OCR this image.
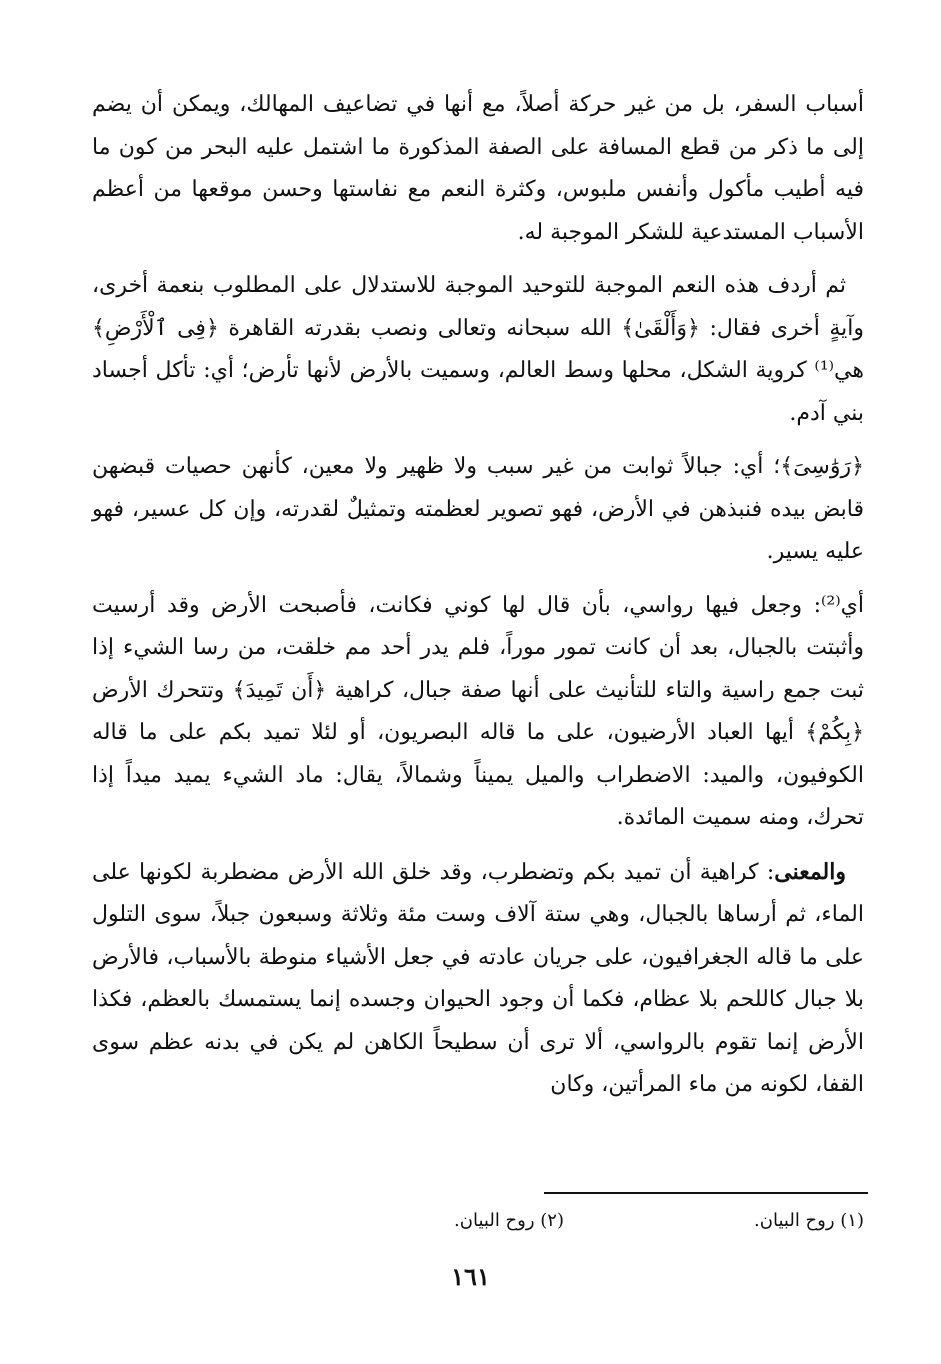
أسباب السفر، بل من غير حركة أصلاً، مع أنها في تضاعيف المهالك، ويمكن أن يضم إلى ما ذكر من قطع المسافة على الصفة المذكورة ما اشتمل عليه البحر من كون ما فيه أطيب مأكول وأنفس ملبوس، وكثرة النعم مع نفاستها وحسن موقعها من أعظم الأسباب المستدعية للشكر الموجبة له.

ثم أردف هذه النعم الموجبة للتوحيد الموجبة للاستدلال على المطلوب بنعمة أخرى، وآيةٍ أخرى فقال: ﴿وَأَلْقَىٰ﴾ الله سبحانه وتعالى ونصب بقدرته القاهرة ﴿فِى ٱلْأَرْضِ﴾ هي⁽¹⁾ كروية الشكل، محلها وسط العالم، وسميت بالأرض لأنها تأرض؛ أي: تأكل أجساد بني آدم.

﴿رَوَٰسِىَ﴾؛ أي: جبالاً ثوابت من غير سبب ولا ظهير ولا معين، كأنهن حصيات قبضهن قابض بيده فنبذهن في الأرض، فهو تصوير لعظمته وتمثيلٌ لقدرته، وإن كل عسير، فهو عليه يسير.

أي⁽²⁾: وجعل فيها رواسي، بأن قال لها كوني فكانت، فأصبحت الأرض وقد أرسيت وأثبتت بالجبال، بعد أن كانت تمور موراً، فلم يدر أحد مم خلقت، من رسا الشيء إذا ثبت جمع راسية والتاء للتأنيث على أنها صفة جبال، كراهية ﴿أَن تَمِيدَ﴾ وتتحرك الأرض ﴿بِكُمْ﴾ أيها العباد الأرضيون، على ما قاله البصريون، أو لئلا تميد بكم على ما قاله الكوفيون، والميد: الاضطراب والميل يميناً وشمالاً، يقال: ماد الشيء يميد ميداً إذا تحرك، ومنه سميت المائدة.

والمعنى: كراهية أن تميد بكم وتضطرب، وقد خلق الله الأرض مضطربة لكونها على الماء، ثم أرساها بالجبال، وهي ستة آلاف وست مئة وثلاثة وسبعون جبلاً، سوى التلول على ما قاله الجغرافيون، على جريان عادته في جعل الأشياء منوطة بالأسباب، فالأرض بلا جبال كاللحم بلا عظام، فكما أن وجود الحيوان وجسده إنما يستمسك بالعظم، فكذا الأرض إنما تقوم بالرواسي، ألا ترى أن سطيحاً الكاهن لم يكن في بدنه عظم سوى القفا، لكونه من ماء المرأتين، وكان

(١) روح البيان.
(٢) روح البيان.
١٦١
